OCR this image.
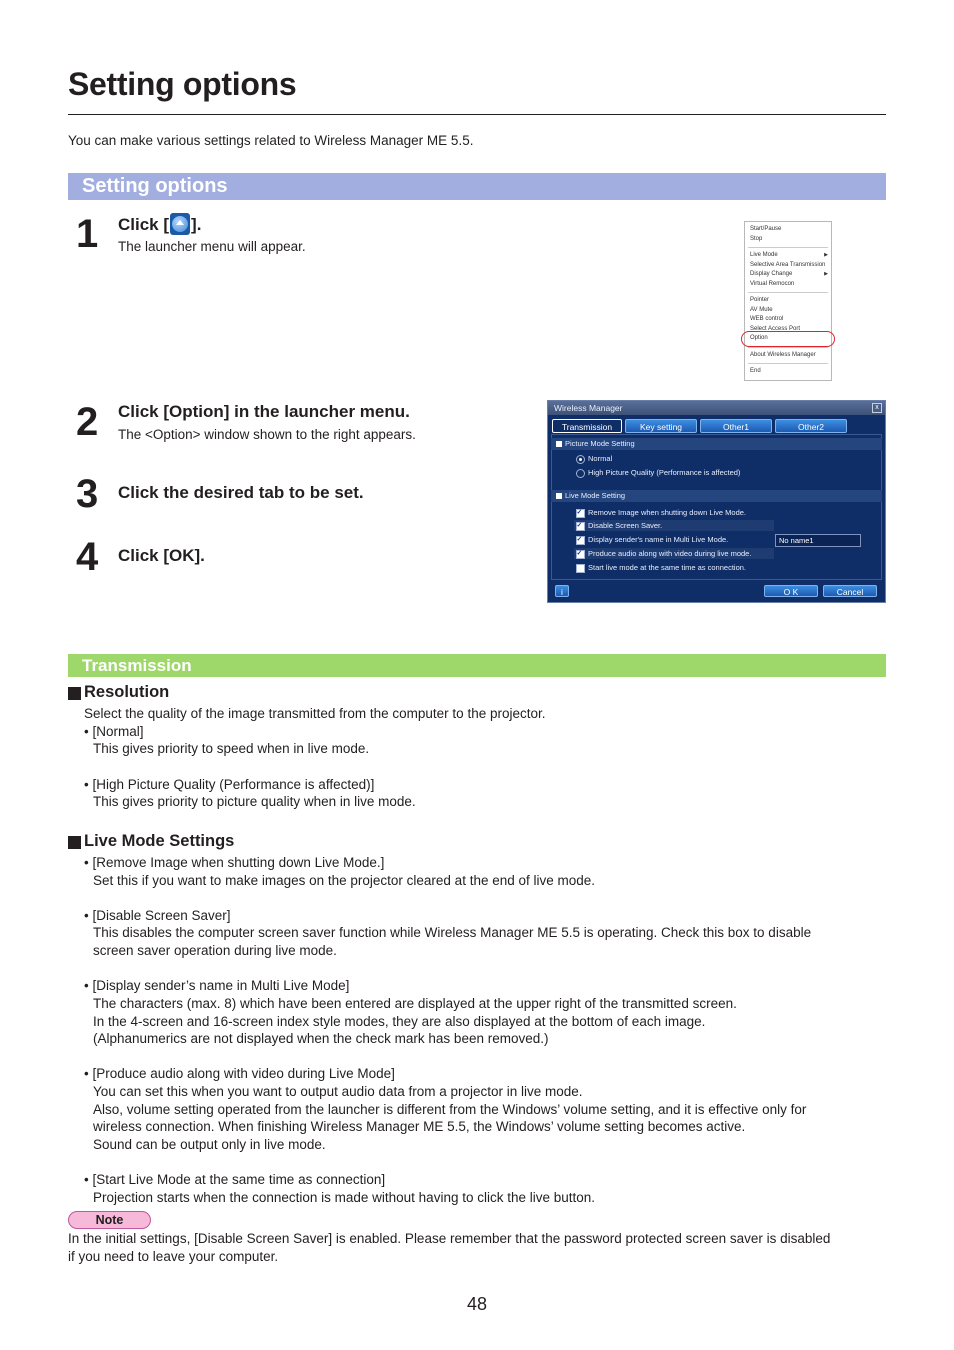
Setting options
You can make various settings related to Wireless Manager ME 5.5.
Setting options
1 Click [ ].
The launcher menu will appear.
2 Click [Option] in the launcher menu.
The <Option> window shown to the right appears.
3 Click the desired tab to be set.
4 Click [OK].
Start/Pause
Stop
Live Mode ▶
Selective Area Transmission
Display Change ▶
Virtual Remocon
Pointer
AV Mute
WEB control
Select Access Port
Option
About Wireless Manager
End
Wireless Manager	x
Transmission	Key setting	Other1	Other2
Picture Mode Setting
Normal
High Picture Quality (Performance is affected)
Live Mode Setting
Remove Image when shutting down Live Mode. ✓
Disable Screen Saver. ✓
Display sender's name in Multi Live Mode. ✓
Produce audio along with video during live mode. ✓
Start live mode at the same time as connection.
No name1
i	O K	Cancel
Transmission
Resolution
Select the quality of the image transmitted from the computer to the projector.
• [Normal]
This gives priority to speed when in live mode.
• [High Picture Quality (Performance is affected)]
This gives priority to picture quality when in live mode.
Live Mode Settings
• [Remove Image when shutting down Live Mode.]
Set this if you want to make images on the projector cleared at the end of live mode.
• [Disable Screen Saver]
This disables the computer screen saver function while Wireless Manager ME 5.5 is operating. Check this box to disable
screen saver operation during live mode.
• [Display sender’s name in Multi Live Mode]
The characters (max. 8) which have been entered are displayed at the upper right of the transmitted screen.
In the 4-screen and 16-screen index style modes, they are also displayed at the bottom of each image.
(Alphanumerics are not displayed when the check mark has been removed.)
• [Produce audio along with video during Live Mode]
You can set this when you want to output audio data from a projector in live mode.
Also, volume setting operated from the launcher is different from the Windows’ volume setting, and it is effective only for
wireless connection. When finishing Wireless Manager ME 5.5, the Windows’ volume setting becomes active.
Sound can be output only in live mode.
• [Start Live Mode at the same time as connection]
Projection starts when the connection is made without having to click the live button.
Note
In the initial settings, [Disable Screen Saver] is enabled. Please remember that the password protected screen saver is disabled
if you need to leave your computer.
48
